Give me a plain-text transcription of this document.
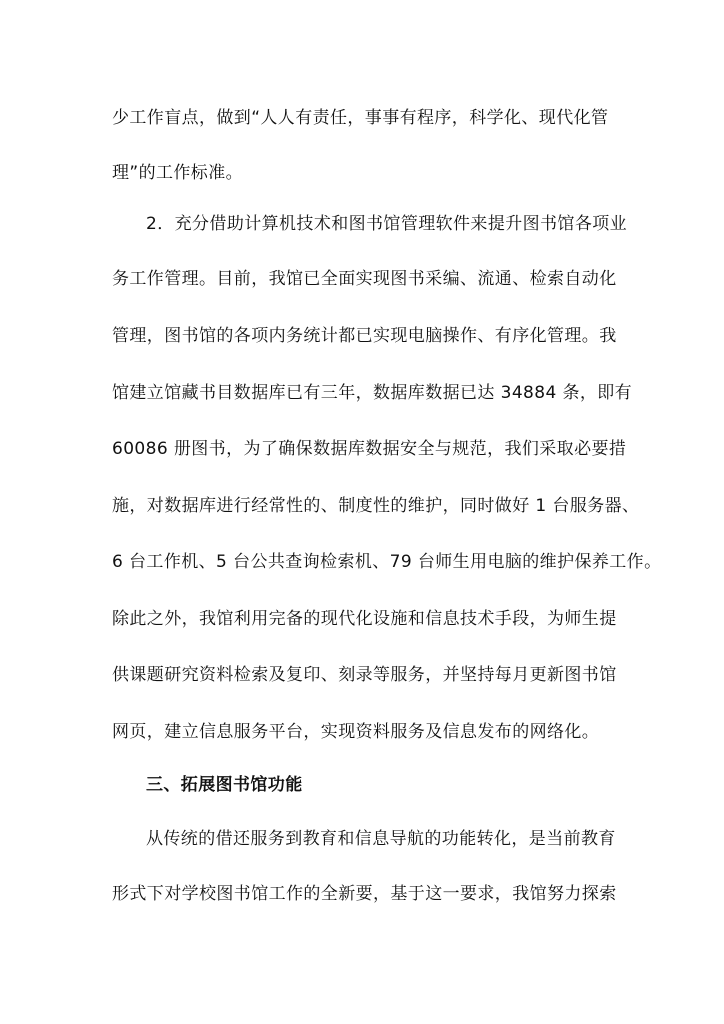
少工作盲点，做到“人人有责任，事事有程序，科学化、现代化管
理”的工作标准。
2．充分借助计算机技术和图书馆管理软件来提升图书馆各项业
务工作管理。目前，我馆已全面实现图书采编、流通、检索自动化
管理，图书馆的各项内务统计都已实现电脑操作、有序化管理。我
馆建立馆藏书目数据库已有三年，数据库数据已达 34884 条，即有
60086 册图书，为了确保数据库数据安全与规范，我们采取必要措
施，对数据库进行经常性的、制度性的维护，同时做好 1 台服务器、
6 台工作机、5 台公共查询检索机、79 台师生用电脑的维护保养工作。
除此之外，我馆利用完备的现代化设施和信息技术手段，为师生提
供课题研究资料检索及复印、刻录等服务，并坚持每月更新图书馆
网页，建立信息服务平台，实现资料服务及信息发布的网络化。
三、拓展图书馆功能
从传统的借还服务到教育和信息导航的功能转化，是当前教育
形式下对学校图书馆工作的全新要，基于这一要求，我馆努力探索
